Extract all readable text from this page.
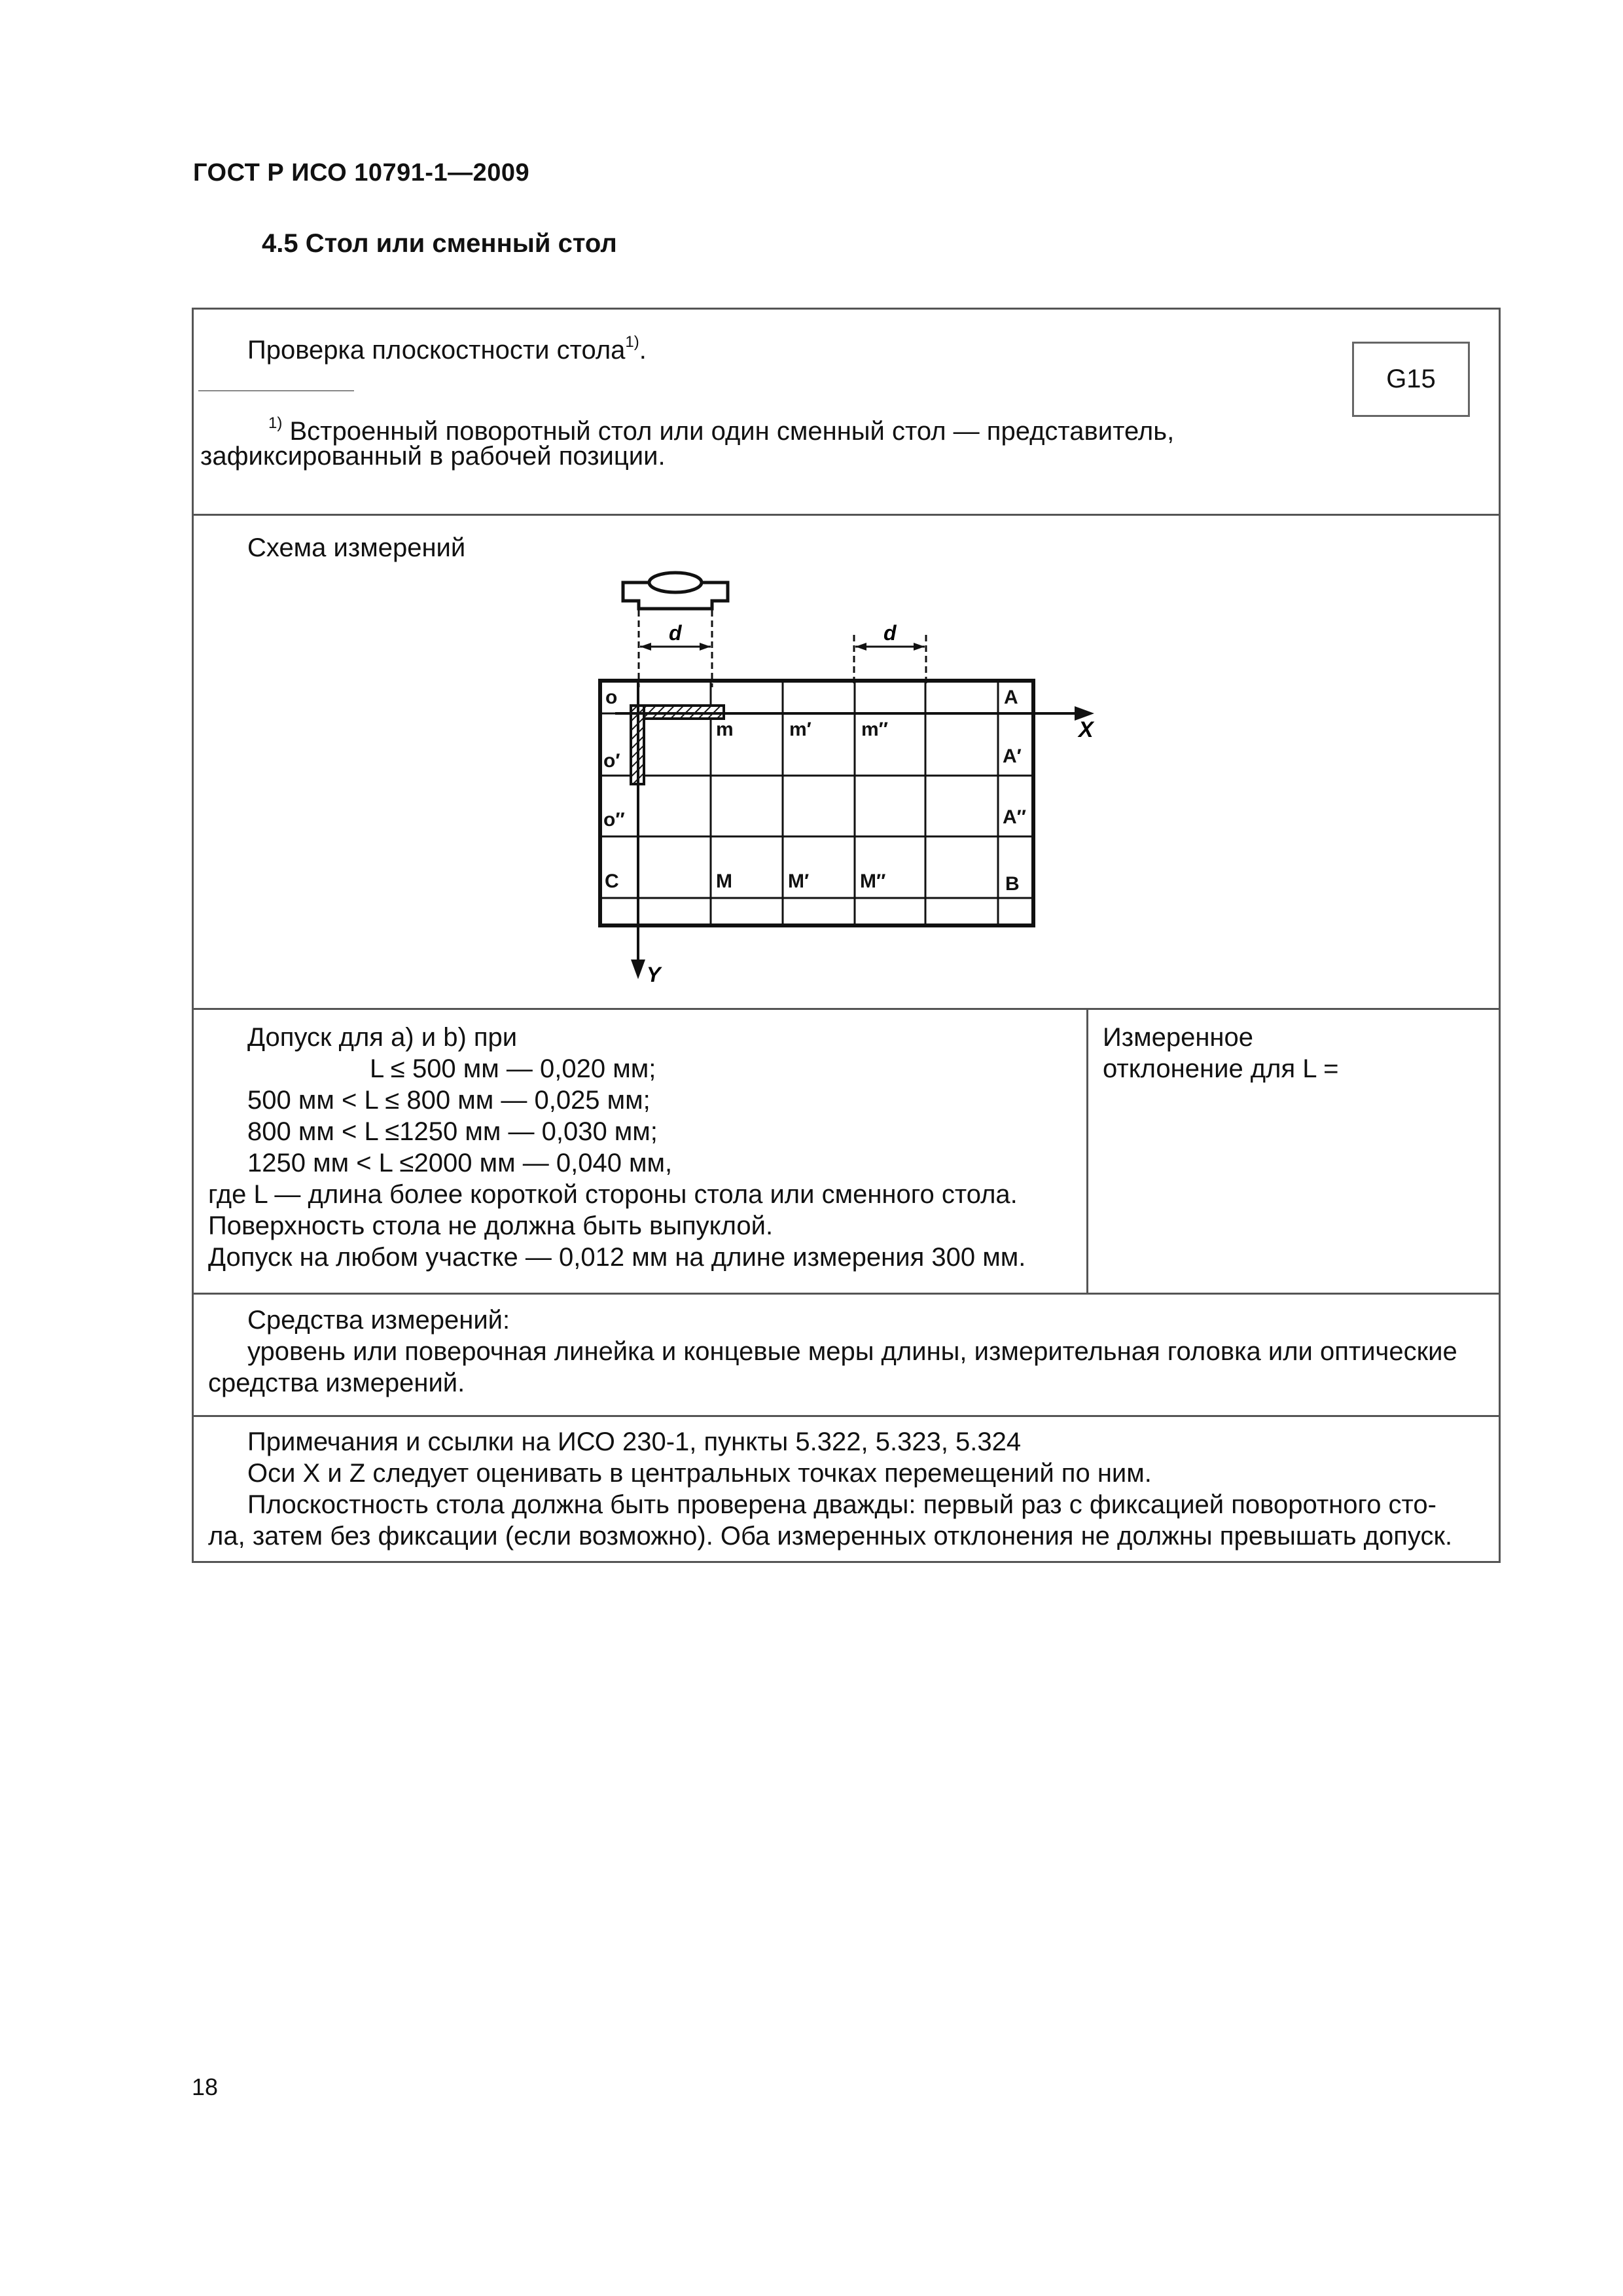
ГОСТ Р ИСО 10791-1—2009
4.5 Стол или сменный стол
Проверка плоскостности стола$^{1)}$.
G15
$^{1)}$ Встроенный поворотный стол или один сменный стол — представитель,
зафиксированный в рабочей позиции.
Схема измерений
d	d
X
Y
o
o′
o″
C
A
A′
A″
B
m	m′	m″
M	M′	M″
Допуск для a) и b) при
L ≤ 500 мм — 0,020 мм;
500 мм < L ≤ 800 мм — 0,025 мм;
800 мм < L ≤1250 мм — 0,030 мм;
1250 мм < L ≤2000 мм — 0,040 мм,
где L — длина более короткой стороны стола или сменного стола.
Поверхность стола не должна быть выпуклой.
Допуск на любом участке — 0,012 мм на длине измерения 300 мм.
Измеренное
отклонение для L =
Средства измерений:
уровень или поверочная линейка и концевые меры длины, измерительная головка или оптические
средства измерений.
Примечания и ссылки на ИСО 230-1, пункты 5.322, 5.323, 5.324
Оси X и Z следует оценивать в центральных точках перемещений по ним.
Плоскостность стола должна быть проверена дважды: первый раз с фиксацией поворотного сто-
ла, затем без фиксации (если возможно). Оба измеренных отклонения не должны превышать допуск.
18
